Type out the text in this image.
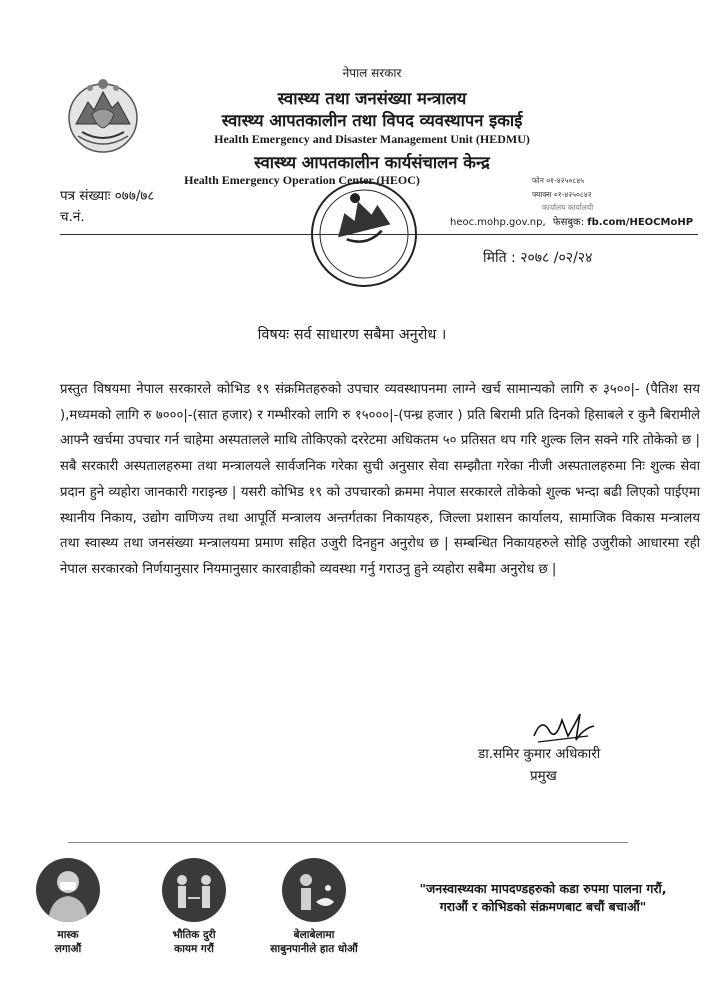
नेपाल सरकार
स्वास्थ्य तथा जनसंख्या मन्त्रालय
स्वास्थ्य आपतकालीन तथा विपद व्यवस्थापन इकाई
Health Emergency and Disaster Management Unit (HEDMU)
स्वास्थ्य आपतकालीन कार्यसंचालन केन्द्र
Health Emergency Operation Center (HEOC)	फोन ०१-४२५०८४५
फ्याक्स ०१-४२५०८४२
कार्यालय कार्यालयी
पत्र संख्याः ०७७/७८
च.नं.	heoc.mohp.gov.np, फेसबुक: fb.com/HEOCMoHP
मिति : २०७८ /०२/२४
विषयः सर्व साधारण सबैमा अनुरोध ।
प्रस्तुत विषयमा नेपाल सरकारले कोभिड १९ संक्रमितहरुको उपचार व्यवस्थापनमा लाग्ने खर्च सामान्यको लागि रु ३५००|- (पैतिश सय ),मध्यमको लागि रु ७०००|-(सात हजार) र गम्भीरको लागि रु १५०००|-(पन्ध्र हजार ) प्रति बिरामी प्रति दिनको हिसाबले र कुनै बिरामीले आफ्नै खर्चमा उपचार गर्न चाहेमा अस्पतालले माथि तोकिएको दररेटमा अधिकतम ५० प्रतिसत थप गरि शुल्क लिन सक्ने गरि तोकेको छ | सबै सरकारी अस्पतालहरुमा तथा मन्त्रालयले सार्वजनिक गरेका सुची अनुसार सेवा सम्झौता गरेका नीजी अस्पतालहरुमा निः शुल्क सेवा प्रदान हुने व्यहोरा जानकारी गराइन्छ | यसरी कोभिड १९ को उपचारको क्रममा नेपाल सरकारले तोकेको शुल्क भन्दा बढी लिएको पाईएमा स्थानीय निकाय, उद्योग वाणिज्य तथा आपूर्ति मन्त्रालय अन्तर्गतका निकायहरु, जिल्ला प्रशासन कार्यालय, सामाजिक विकास मन्त्रालय तथा स्वास्थ्य तथा जनसंख्या मन्त्रालयमा प्रमाण सहित उजुरी दिनहुन अनुरोध छ | सम्बन्धित निकायहरुले सोहि उजुरीको आधारमा रही नेपाल सरकारको निर्णयानुसार नियमानुसार कारवाहीको व्यवस्था गर्नु गराउनु हुने व्यहोरा सबैमा अनुरोध छ |
डा.समिर कुमार अधिकारी
प्रमुख
मास्क
लगाऔं
भौतिक दुरी
कायम गरौं
बेलाबेलामा
साबुनपानीले हात धोऔं
"जनस्वास्थ्यका मापदण्डहरुको कडा रुपमा पालना गरौं,
गराऔं र कोभिडको संक्रमणबाट बचौं बचाऔं"
